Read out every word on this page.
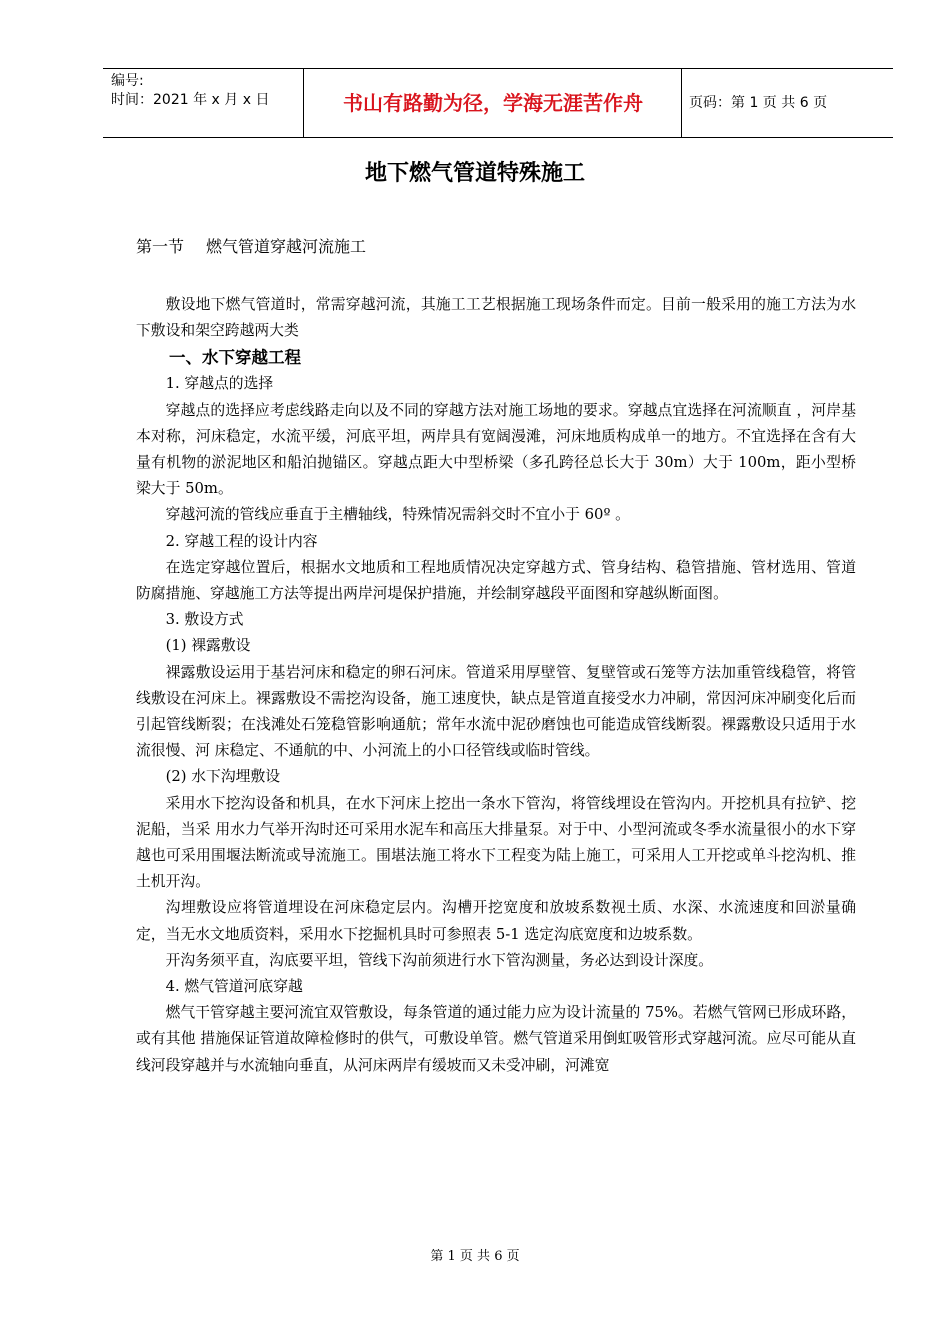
编号:
时间：2021 年 x 月 x 日	书山有路勤为径，学海无涯苦作舟	页码：第 1 页 共 6 页
地下燃气管道特殊施工
第一节 燃气管道穿越河流施工

敷设地下燃气管道时，常需穿越河流，其施工工艺根据施工现场条件而定。目前一般采用的施工方法为水下敷设和架空跨越两大类

一、水下穿越工程

1. 穿越点的选择

穿越点的选择应考虑线路走向以及不同的穿越方法对施工场地的要求。穿越点宜选择在河流顺直 ，河岸基本对称，河床稳定，水流平缓，河底平坦，两岸具有宽阔漫滩，河床地质构成单一的地方。不宜选择在含有大量有机物的淤泥地区和船泊抛锚区。穿越点距大中型桥梁（多孔跨径总长大于 30m）大于 100m，距小型桥梁大于 50m。

穿越河流的管线应垂直于主槽轴线，特殊情况需斜交时不宜小于 60º 。

2. 穿越工程的设计内容

在选定穿越位置后，根据水文地质和工程地质情况决定穿越方式、管身结构、稳管措施、管材选用、管道防腐措施、穿越施工方法等提出两岸河堤保护措施，并绘制穿越段平面图和穿越纵断面图。

3. 敷设方式

(1) 裸露敷设

裸露敷设运用于基岩河床和稳定的卵石河床。管道采用厚壁管、复壁管或石笼等方法加重管线稳管，将管线敷设在河床上。裸露敷设不需挖沟设备，施工速度快，缺点是管道直接受水力冲刷，常因河床冲刷变化后而引起管线断裂；在浅滩处石笼稳管影响通航；常年水流中泥砂磨蚀也可能造成管线断裂。裸露敷设只适用于水流很慢、河 床稳定、不通航的中、小河流上的小口径管线或临时管线。

(2) 水下沟埋敷设

采用水下挖沟设备和机具，在水下河床上挖出一条水下管沟，将管线埋设在管沟内。开挖机具有拉铲、挖泥船，当采 用水力气举开沟时还可采用水泥车和高压大排量泵。对于中、小型河流或冬季水流量很小的水下穿越也可采用围堰法断流或导流施工。围堪法施工将水下工程变为陆上施工，可采用人工开挖或单斗挖沟机、推土机开沟。

沟埋敷设应将管道埋设在河床稳定层内。沟槽开挖宽度和放坡系数视土质、水深、水流速度和回淤量确定，当无水文地质资料，采用水下挖掘机具时可参照表 5-1 选定沟底宽度和边坡系数。

开沟务须平直，沟底要平坦，管线下沟前须进行水下管沟测量，务必达到设计深度。

4. 燃气管道河底穿越

燃气干管穿越主要河流宜双管敷设，每条管道的通过能力应为设计流量的 75%。若燃气管网已形成环路，或有其他 措施保证管道故障检修时的供气，可敷设单管。燃气管道采用倒虹吸管形式穿越河流。应尽可能从直线河段穿越并与水流轴向垂直，从河床两岸有缓坡而又未受冲刷，河滩宽

第 1 页 共 6 页
